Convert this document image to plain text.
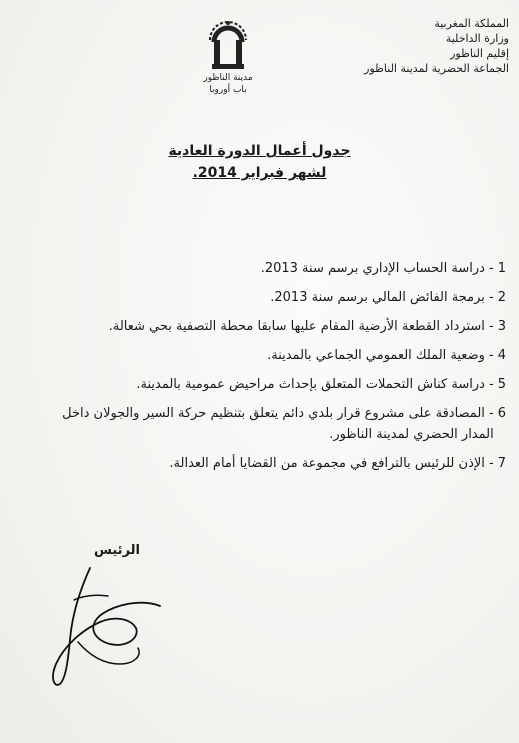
المملكة المغربية
وزارة الداخلية
إقليم الناظور
الجماعة الحضرية لمدينة الناظور
مدينة الناظور
باب أوروبا
جدول أعمال الدورة العادية
لشهر فبراير 2014.
1
- دراسة الحساب الإداري برسم سنة 2013.
2
- برمجة الفائض المالي برسم سنة 2013.
3
- استرداد القطعة الأرضية المقام عليها سابقا محطة التصفية بحي شعالة.
4
- وضعية الملك العمومي الجماعي بالمدينة.
5
- دراسة كناش التحملات المتعلق بإحداث مراحيض عمومية بالمدينة.
6
- المصادقة على مشروع قرار بلدي دائم يتعلق بتنظيم حركة السير والجولان داخل المدار الحضري لمدينة الناظور.
7
- الإذن للرئيس بالترافع في مجموعة من القضايا أمام العدالة.
الرئيس
